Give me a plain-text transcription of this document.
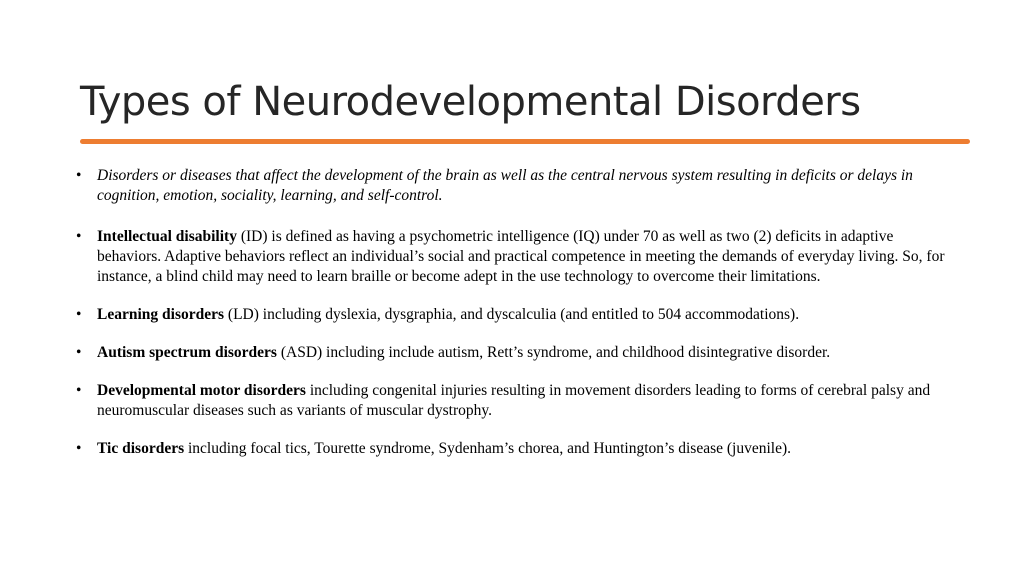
Types of Neurodevelopmental Disorders
• Disorders or diseases that affect the development of the brain as well as the central nervous system resulting in deficits or delays in cognition, emotion, sociality, learning, and self-control.
• Intellectual disability (ID) is defined as having a psychometric intelligence (IQ) under 70 as well as two (2) deficits in adaptive behaviors. Adaptive behaviors reflect an individual’s social and practical competence in meeting the demands of everyday living. So, for instance, a blind child may need to learn braille or become adept in the use technology to overcome their limitations.
• Learning disorders (LD) including dyslexia, dysgraphia, and dyscalculia (and entitled to 504 accommodations).
• Autism spectrum disorders (ASD) including include autism, Rett’s syndrome, and childhood disintegrative disorder.
• Developmental motor disorders including congenital injuries resulting in movement disorders leading to forms of cerebral palsy and neuromuscular diseases such as variants of muscular dystrophy.
• Tic disorders including focal tics, Tourette syndrome, Sydenham’s chorea, and Huntington’s disease (juvenile).
